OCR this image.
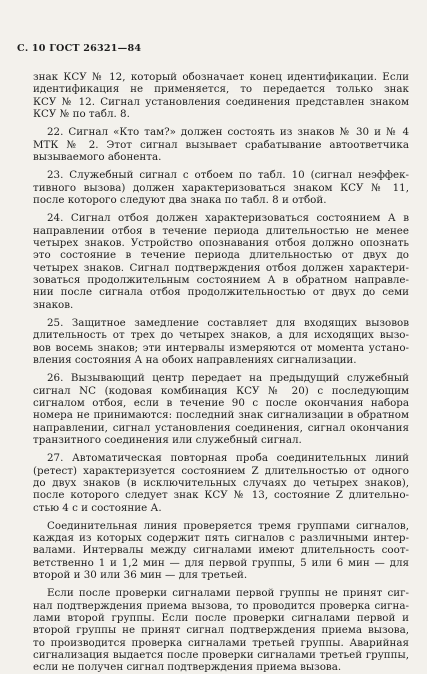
С. 10 ГОСТ 26321—84
знак КСУ № 12, который обозначает конец идентификации. Если
идентификация не применяется, то передается только знак
КСУ № 12. Сигнал установления соединения представлен знаком
КСУ № по табл. 8.
22. Сигнал «Кто там?» должен состоять из знаков № 30 и № 4
МТК № 2. Этот сигнал вызывает срабатывание автоответчика
вызываемого абонента.
23. Служебный сигнал с отбоем по табл. 10 (сигнал неэффек-
тивного вызова) должен характеризоваться знаком КСУ № 11,
после которого следуют два знака по табл. 8 и отбой.
24. Сигнал отбоя должен характеризоваться состоянием А в
направлении отбоя в течение периода длительностью не менее
четырех знаков. Устройство опознавания отбоя должно опознать
это состояние в течение периода длительностью от двух до
четырех знаков. Сигнал подтверждения отбоя должен характери-
зоваться продолжительным состоянием А в обратном направле-
нии после сигнала отбоя продолжительностью от двух до семи
знаков.
25. Защитное замедление составляет для входящих вызовов
длительность от трех до четырех знаков, а для исходящих вызо-
вов восемь знаков; эти интервалы измеряются от момента устано-
вления состояния А на обоих направлениях сигнализации.
26. Вызывающий центр передает на предыдущий служебный
сигнал NC (кодовая комбинация КСУ № 20) с последующим
сигналом отбоя, если в течение 90 с после окончания набора
номера не принимаются: последний знак сигнализации в обратном
направлении, сигнал установления соединения, сигнал окончания
транзитного соединения или служебный сигнал.
27. Автоматическая повторная проба соединительных линий
(ретест) характеризуется состоянием Z длительностью от одного
до двух знаков (в исключительных случаях до четырех знаков),
после которого следует знак КСУ № 13, состояние Z длительно-
стью 4 с и состояние А.
Соединительная линия проверяется тремя группами сигналов,
каждая из которых содержит пять сигналов с различными интер-
валами. Интервалы между сигналами имеют длительность соот-
ветственно 1 и 1,2 мин — для первой группы, 5 или 6 мин — для
второй и 30 или 36 мин — для третьей.
Если после проверки сигналами первой группы не принят сиг-
нал подтверждения приема вызова, то проводится проверка сигна-
лами второй группы. Если после проверки сигналами первой и
второй группы не принят сигнал подтверждения приема вызова,
то производится проверка сигналами третьей группы. Аварийная
сигнализация выдается после проверки сигналами третьей группы,
если не получен сигнал подтверждения приема вызова.
